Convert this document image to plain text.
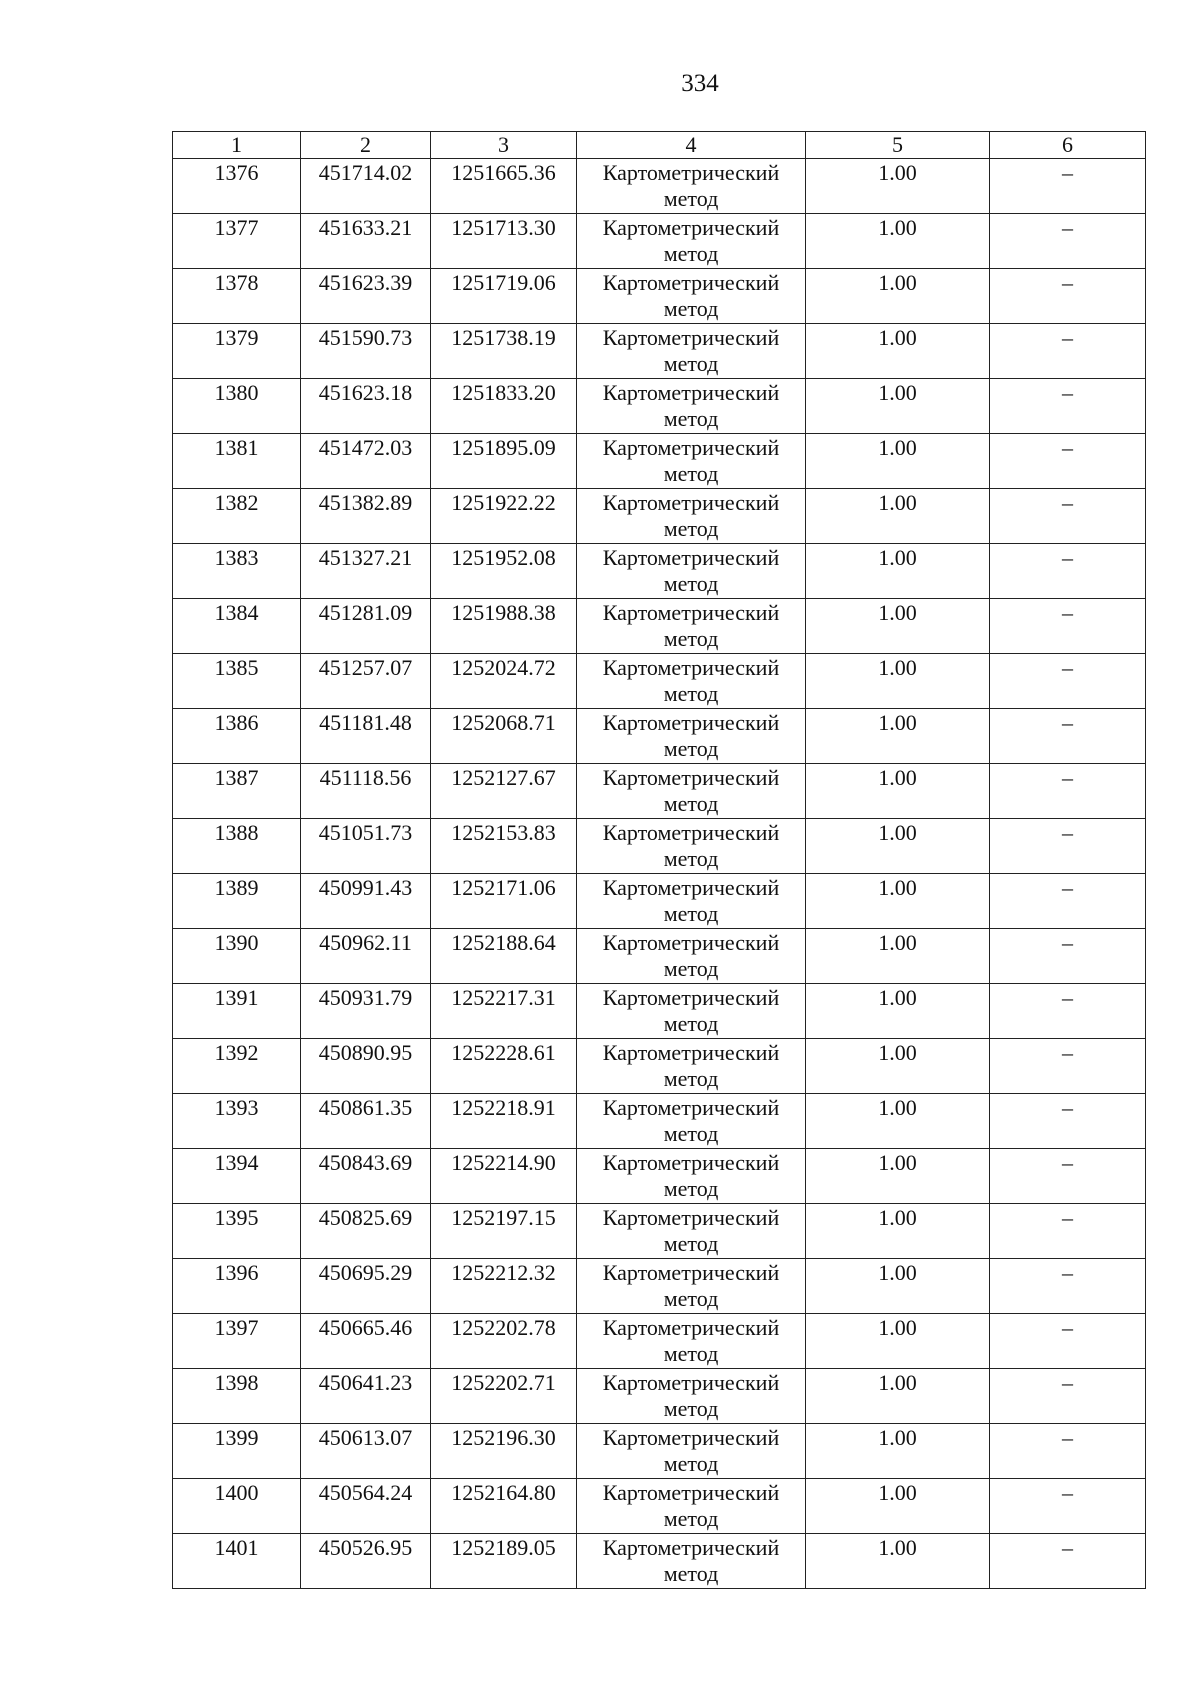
334
1	2	3	4	5	6
1376	451714.02	1251665.36	Картометрический метод	1.00	–
1377	451633.21	1251713.30	Картометрический метод	1.00	–
1378	451623.39	1251719.06	Картометрический метод	1.00	–
1379	451590.73	1251738.19	Картометрический метод	1.00	–
1380	451623.18	1251833.20	Картометрический метод	1.00	–
1381	451472.03	1251895.09	Картометрический метод	1.00	–
1382	451382.89	1251922.22	Картометрический метод	1.00	–
1383	451327.21	1251952.08	Картометрический метод	1.00	–
1384	451281.09	1251988.38	Картометрический метод	1.00	–
1385	451257.07	1252024.72	Картометрический метод	1.00	–
1386	451181.48	1252068.71	Картометрический метод	1.00	–
1387	451118.56	1252127.67	Картометрический метод	1.00	–
1388	451051.73	1252153.83	Картометрический метод	1.00	–
1389	450991.43	1252171.06	Картометрический метод	1.00	–
1390	450962.11	1252188.64	Картометрический метод	1.00	–
1391	450931.79	1252217.31	Картометрический метод	1.00	–
1392	450890.95	1252228.61	Картометрический метод	1.00	–
1393	450861.35	1252218.91	Картометрический метод	1.00	–
1394	450843.69	1252214.90	Картометрический метод	1.00	–
1395	450825.69	1252197.15	Картометрический метод	1.00	–
1396	450695.29	1252212.32	Картометрический метод	1.00	–
1397	450665.46	1252202.78	Картометрический метод	1.00	–
1398	450641.23	1252202.71	Картометрический метод	1.00	–
1399	450613.07	1252196.30	Картометрический метод	1.00	–
1400	450564.24	1252164.80	Картометрический метод	1.00	–
1401	450526.95	1252189.05	Картометрический метод	1.00	–
